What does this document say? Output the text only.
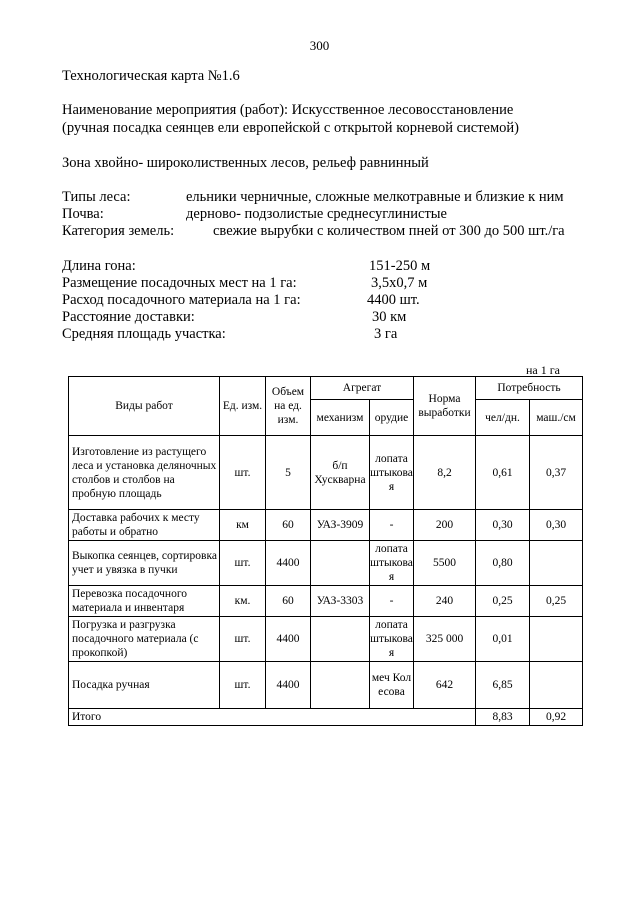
300
Технологическая карта №1.6
Наименование мероприятия (работ): Искусственное лесовосстановление
(ручная посадка сеянцев ели европейской с открытой корневой системой)
Зона хвойно- широколиственных лесов, рельеф равнинный
Типы леса:	ельники черничные, сложные мелкотравные и близкие к ним
Почва:	дерново- подзолистые среднесуглинистые
Категория земель:	свежие вырубки с количеством пней от 300 до 500 шт./га
Длина гона:	151-250 м
Размещение посадочных мест на 1 га:	3,5х0,7 м
Расход посадочного материала на 1 га:	4400 шт.
Расстояние доставки:	30 км
Средняя площадь участка:	3 га
на 1 га
Виды работ	Ед. изм.	Объем на ед. изм.	Агрегат		Норма выработки	Потребность	
			механизм	орудие		чел/дн.	маш./см
Изготовление из растущего леса и установка деляночных столбов и столбов на пробную площадь	шт.	5	б/п Хускварна	лопата штыковая	8,2	0,61	0,37
Доставка рабочих к месту работы и обратно	км	60	УАЗ-3909	-	200	0,30	0,30
Выкопка сеянцев, сортировка учет и увязка в пучки	шт.	4400		лопата штыковая	5500	0,80	
Перевозка посадочного материала и инвентаря	км.	60	УАЗ-3303	-	240	0,25	0,25
Погрузка и разгрузка посадочного материала (с прокопкой)	шт.	4400		лопата штыковая	325 000	0,01	
Посадка ручная	шт.	4400		меч Колесова	642	6,85	
Итого						8,83	0,92
